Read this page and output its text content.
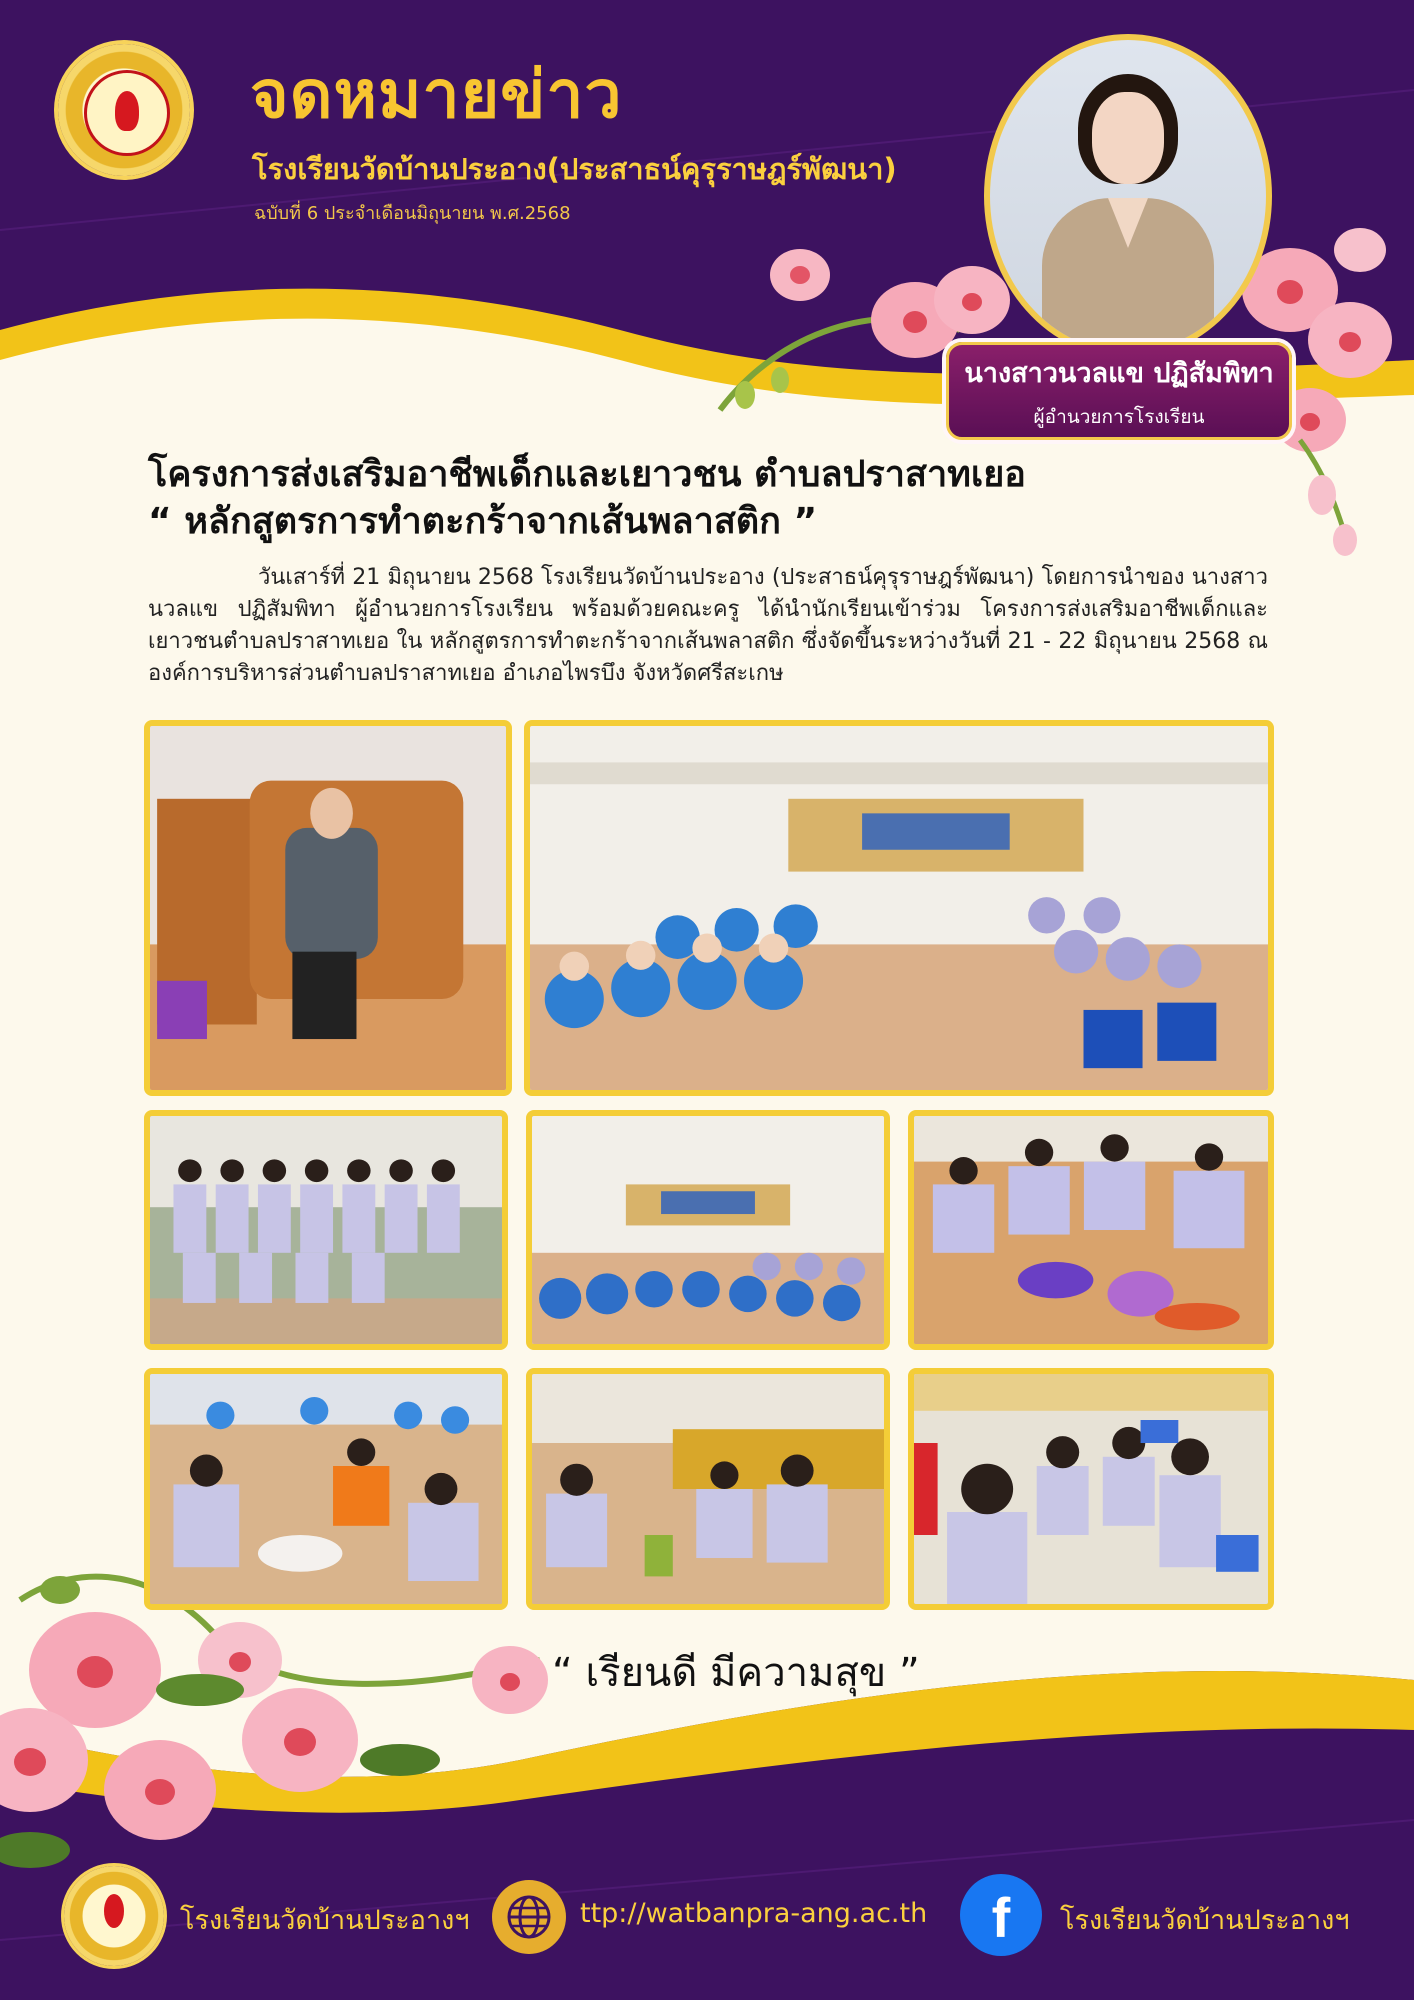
จดหมายข่าว
โรงเรียนวัดบ้านประอาง(ประสาธน์คุรุราษฎร์พัฒนา)
ฉบับที่ 6 ประจำเดือนมิถุนายน พ.ศ.2568
นางสาวนวลแข ปฏิสัมพิทา
ผู้อำนวยการโรงเรียน
โครงการส่งเสริมอาชีพเด็กและเยาวชน ตำบลปราสาทเยอ
“ หลักสูตรการทำตะกร้าจากเส้นพลาสติก ”
วันเสาร์ที่ 21 มิถุนายน 2568 โรงเรียนวัดบ้านประอาง (ประสาธน์คุรุราษฎร์พัฒนา) โดยการนำของ นางสาวนวลแข ปฏิสัมพิทา ผู้อำนวยการโรงเรียน พร้อมด้วยคณะครู ได้นำนักเรียนเข้าร่วม โครงการส่งเสริมอาชีพเด็กและเยาวชนตำบลปราสาทเยอ ใน หลักสูตรการทำตะกร้าจากเส้นพลาสติก ซึ่งจัดขึ้นระหว่างวันที่ 21 - 22 มิถุนายน 2568 ณ องค์การบริหารส่วนตำบลปราสาทเยอ อำเภอไพรบึง จังหวัดศรีสะเกษ
“ เรียนดี มีความสุข ”
โรงเรียนวัดบ้านประอางฯ	ttp://watbanpra-ang.ac.th	f	โรงเรียนวัดบ้านประอางฯ
